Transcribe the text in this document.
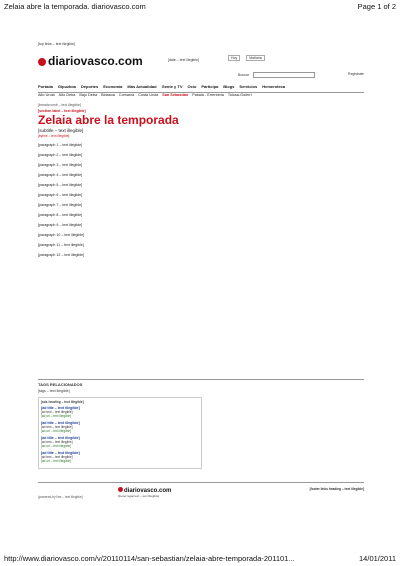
Zelaia abre la temporada. diariovasco.com	Page 1 of 2
[top links – text illegible]
diariovasco.com	[date – text illegible]	Hoy	Mañana
Buscar	Registrate
Portada Gipuzkoa Deportes Economía Más Actualidad Gente y TV Ocio Participa Blogs Servicios Hemeroteca
Alto Urola Alto Deba Bajo Deba Bidasoa Comarca Costa Urola San Sebastián Pasaia - Errenteria Tolosa-Goierri
[breadcrumb – text illegible]
[section label – text illegible]
Zelaia abre la temporada
[subtitle – text illegible]
[byline – text illegible]

[paragraph 1 – text illegible]

[paragraph 2 – text illegible]

[paragraph 3 – text illegible]

[paragraph 4 – text illegible]

[paragraph 5 – text illegible]

[paragraph 6 – text illegible]

[paragraph 7 – text illegible]

[paragraph 8 – text illegible]

[paragraph 9 – text illegible]

[paragraph 10 – text illegible]

[paragraph 11 – text illegible]

[paragraph 12 – text illegible]

TAGS RELACIONADOS
[tags – text illegible]
[ads heading – text illegible]
[ad title – text illegible]
[ad text – text illegible]
[ad url – text illegible]
[ad title – text illegible]
[ad text – text illegible]
[ad url – text illegible]
[ad title – text illegible]
[ad text – text illegible]
[ad url – text illegible]
[ad title – text illegible]
[ad text – text illegible]
[ad url – text illegible]
[powered-by line – text illegible]
diariovasco.com
[footer legal text – text illegible]
[footer links heading – text illegible]
http://www.diariovasco.com/v/20110114/san-sebastian/zelaia-abre-temporada-201101...	14/01/2011
